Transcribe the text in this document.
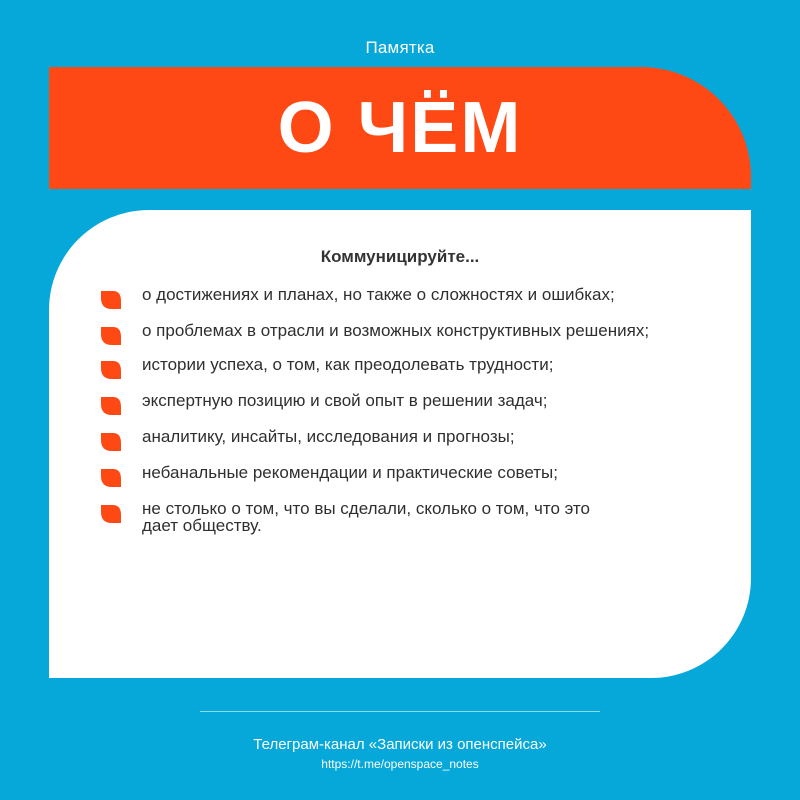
Памятка
О ЧЁМ
Коммуницируйте...
о достижениях и планах, но также о сложностях и ошибках;
о проблемах в отрасли и возможных конструктивных решениях;
истории успеха, о том, как преодолевать трудности;
экспертную позицию и свой опыт в решении задач;
аналитику, инсайты, исследования и прогнозы;
небанальные рекомендации и практические советы;
не столько о том, что вы сделали, сколько о том, что это дает обществу.
Телеграм-канал «Записки из опенспейса»
https://t.me/openspace_notes
